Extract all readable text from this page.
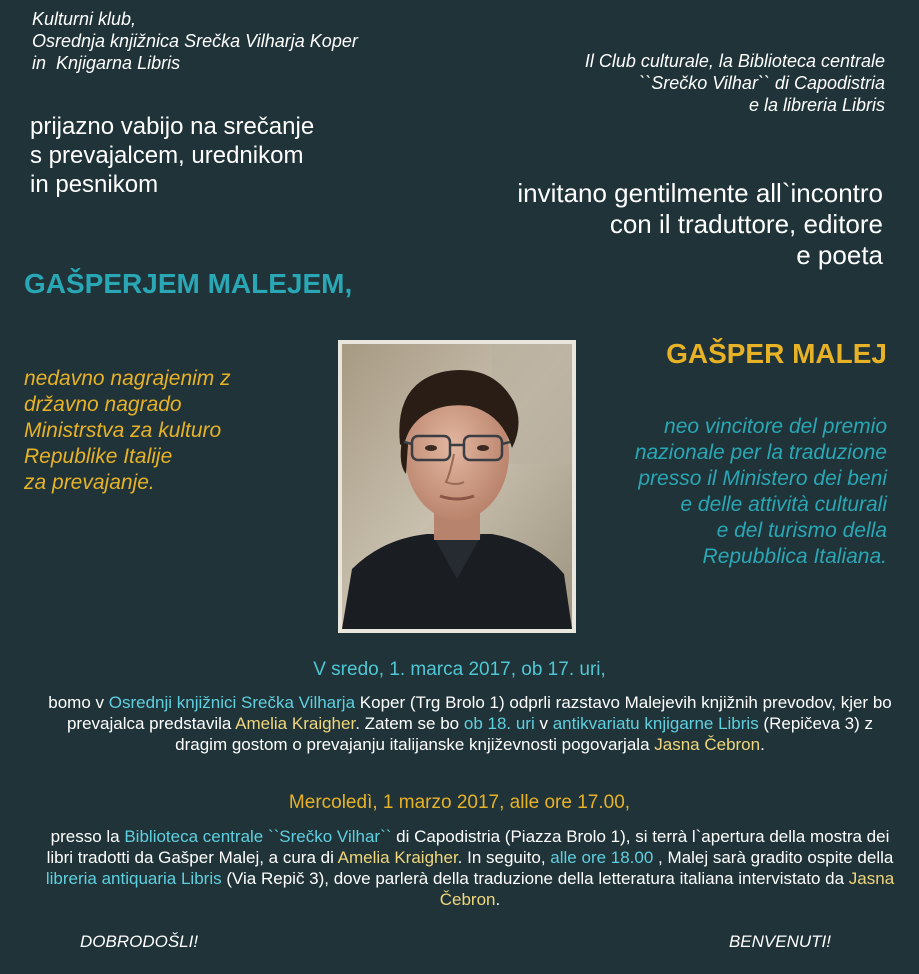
Kulturni klub,
Osrednja knjižnica Srečka Vilharja Koper
in  Knjigarna Libris	Il Club culturale, la Biblioteca centrale
``Srečko Vilhar`` di Capodistria
e la libreria Libris
prijazno vabijo na srečanje
s prevajalcem, urednikom
in pesnikom	invitano gentilmente all`incontro
con il traduttore, editore
e poeta
GAŠPERJEM MALEJEM,
GAŠPER MALEJ
nedavno nagrajenim z
državno nagrado
Ministrstva za kulturo
Republike Italije
za prevajanje.
neo vincitore del premio
nazionale per la traduzione
presso il Ministero dei beni
e delle attività culturali
e del turismo della
Repubblica Italiana.
V sredo, 1. marca 2017, ob 17. uri,
bomo v Osrednji knjižnici Srečka Vilharja Koper (Trg Brolo 1) odprli razstavo Malejevih knjižnih prevodov, kjer bo prevajalca predstavila Amelia Kraigher. Zatem se bo ob 18. uri v antikvariatu knjigarne Libris (Repičeva 3) z dragim gostom o prevajanju italijanske književnosti pogovarjala Jasna Čebron.
Mercoledì, 1 marzo 2017, alle ore 17.00,
presso la Biblioteca centrale ``Srečko Vilhar`` di Capodistria (Piazza Brolo 1), si terrà l`apertura della mostra dei libri tradotti da Gašper Malej, a cura di Amelia Kraigher. In seguito, alle ore 18.00 , Malej sarà gradito ospite della libreria antiquaria Libris (Via Repič 3), dove parlerà della traduzione della letteratura italiana intervistato da Jasna Čebron.
DOBRODOŠLI!	BENVENUTI!
